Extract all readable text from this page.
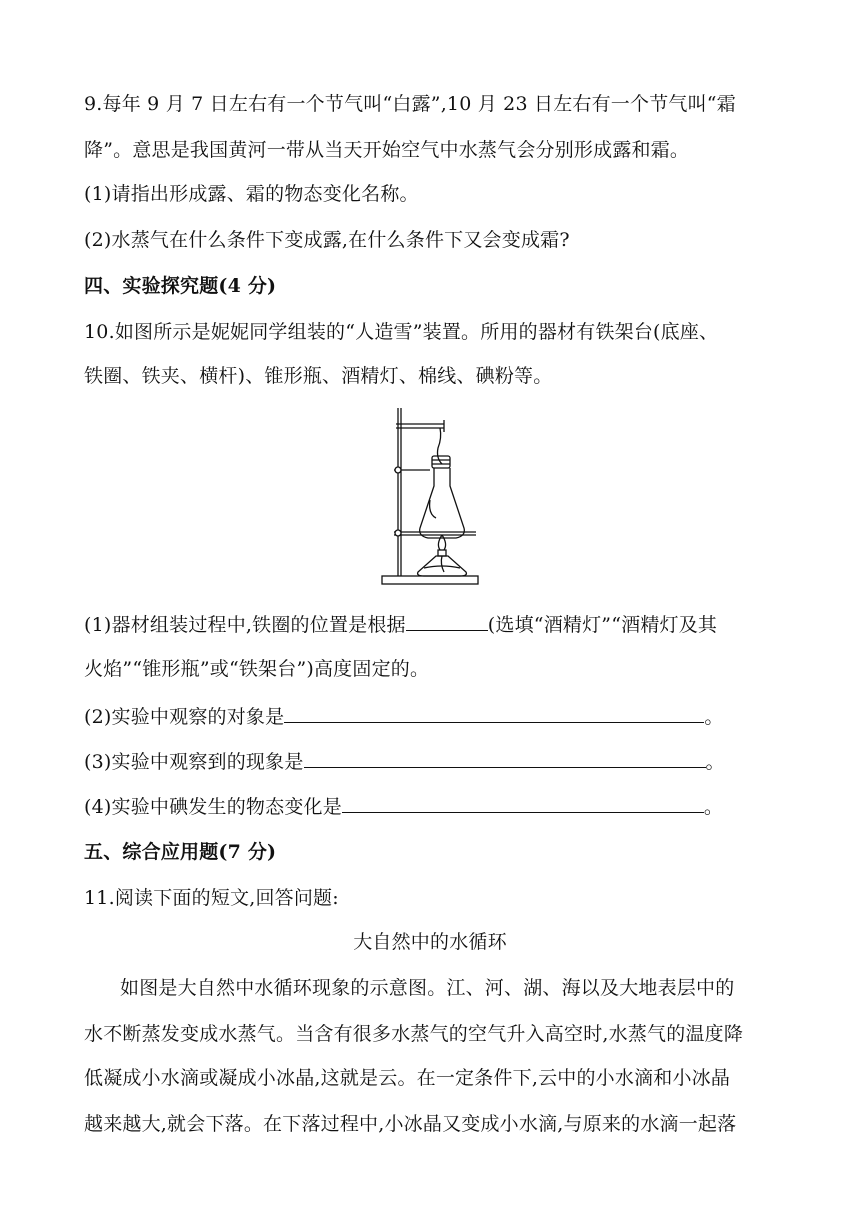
9.每年 9 月 7 日左右有一个节气叫“白露”,10 月 23 日左右有一个节气叫“霜
降”。意思是我国黄河一带从当天开始空气中水蒸气会分别形成露和霜。
(1)请指出形成露、霜的物态变化名称。
(2)水蒸气在什么条件下变成露,在什么条件下又会变成霜?
四、实验探究题(4 分)
10.如图所示是妮妮同学组装的“人造雪”装置。所用的器材有铁架台(底座、
铁圈、铁夹、横杆)、锥形瓶、酒精灯、棉线、碘粉等。
(1)器材组装过程中,铁圈的位置是根据	(选填“酒精灯”“酒精灯及其
火焰”“锥形瓶”或“铁架台”)高度固定的。
(2)实验中观察的对象是	。
(3)实验中观察到的现象是	。
(4)实验中碘发生的物态变化是	。
五、综合应用题(7 分)
11.阅读下面的短文,回答问题:
大自然中的水循环
如图是大自然中水循环现象的示意图。江、河、湖、海以及大地表层中的
水不断蒸发变成水蒸气。当含有很多水蒸气的空气升入高空时,水蒸气的温度降
低凝成小水滴或凝成小冰晶,这就是云。在一定条件下,云中的小水滴和小冰晶
越来越大,就会下落。在下落过程中,小冰晶又变成小水滴,与原来的水滴一起落
